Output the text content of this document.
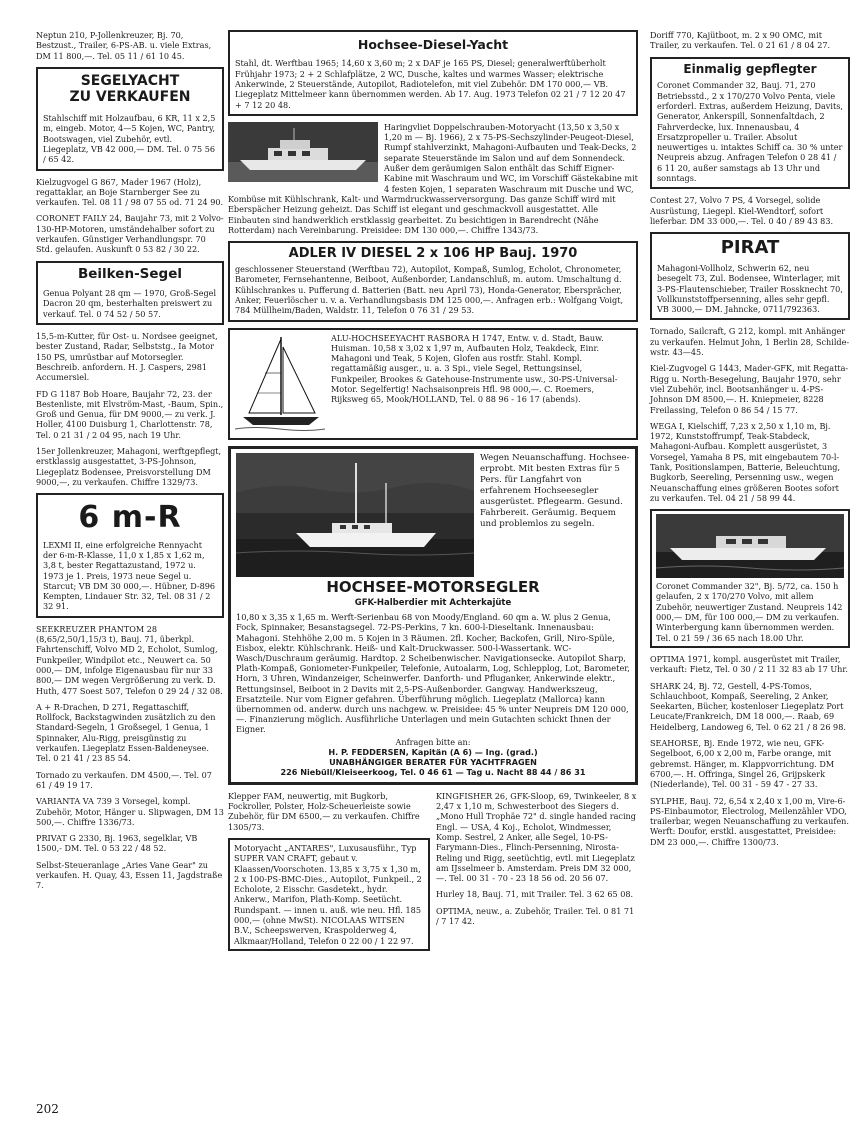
Neptun 210, P-Jollenkreuzer, Bj. 70, Bestzust., Trailer, 6-PS-AB. u. viele Extras, DM 11 800,—. Tel. 05 11 / 61 10 45.
SEGELYACHT
ZU VERKAUFEN
Stahlschiff mit Holzaufbau, 6 KR, 11 x 2,5 m, eingeb. Motor, 4—5 Kojen, WC, Pantry, Bootswagen, viel Zubehör, evtl. Liegeplatz, VB 42 000,— DM. Tel. 0 75 56 / 65 42.
Kielzugvogel G 867, Mader 1967 (Holz), regattaklar, an Boje Starnberger See zu verkaufen. Tel. 08 11 / 98 07 55 od. 71 24 90.
CORONET FAILY 24, Baujahr 73, mit 2 Volvo-130-HP-Motoren, umständehalber sofort zu verkaufen. Günstiger Verhandlungspr. 70 Std. gelaufen. Auskunft 0 53 82 / 30 22.
Beilken-Segel
Genua Polyant 28 qm — 1970, Groß-Segel Dacron 20 qm, besterhalten preiswert zu verkauf. Tel. 0 74 52 / 50 57.
15,5-m-Kutter, für Ost- u. Nordsee geeignet, bester Zustand, Radar, Selbststg., Ia Motor 150 PS, umrüstbar auf Motorsegler. Beschreib. anfordern. H. J. Caspers, 2981 Accumersiel.
FD G 1187 Bob Hoare, Baujahr 72, 23. der Bestenliste, mit Elvström-Mast, -Baum, Spin., Groß und Genua, für DM 9000,— zu verk. J. Holler, 4100 Duisburg 1, Charlottenstr. 78, Tel. 0 21 31 / 2 04 95, nach 19 Uhr.
15er Jollenkreuzer, Mahagoni, werftgepflegt, erstklassig ausgestattet, 3-PS-Johnson, Liegeplatz Bodensee, Preisvorstellung DM 9000,—, zu verkaufen. Chiffre 1329/73.
6 m-R
LEXMI II, eine erfolgreiche Rennyacht der 6-m-R-Klasse, 11,0 x 1,85 x 1,62 m, 3,8 t, bester Regattazustand, 1972 u. 1973 je 1. Preis, 1973 neue Segel u. Starcut; VB DM 30 000,—. Hübner, D-896 Kempten, Lindauer Str. 32, Tel. 08 31 / 2 32 91.
SEEKREUZER PHANTOM 28 (8,65/2,50/1,15/3 t), Bauj. 71, überkpl. Fahrtenschiff, Volvo MD 2, Echolot, Sumlog, Funkpeiler, Windpilot etc., Neuwert ca. 50 000,— DM, infolge Eigenausbau für nur 33 800,— DM wegen Vergrößerung zu verk. D. Huth, 477 Soest 507, Telefon 0 29 24 / 32 08.
A + R-Drachen, D 271, Regattaschiff, Rollfock, Backstagwinden zusätzlich zu den Standard-Segeln, 1 Großsegel, 1 Genua, 1 Spinnaker, Alu-Rigg, preisgünstig zu verkaufen. Liegeplatz Essen-Baldeneysee. Tel. 0 21 41 / 23 85 54.
Tornado zu verkaufen. DM 4500,—. Tel. 07 61 / 49 19 17.
VARIANTA VA 739 3 Vorsegel, kompl. Zubehör, Motor, Hänger u. Slipwagen, DM 13 500,—. Chiffre 1336/73.
PRIVAT G 2330, Bj. 1963, segelklar, VB 1500,- DM. Tel. 0 53 22 / 48 52.
Selbst-Steueranlage „Aries Vane Gear" zu verkaufen. H. Quay, 43, Essen 11, Jagdstraße 7.
Hochsee-Diesel-Yacht
Stahl, dt. Werftbau 1965; 14,60 x 3,60 m; 2 x DAF je 165 PS, Diesel; generalwerftüberholt Frühjahr 1973; 2 + 2 Schlafplätze, 2 WC, Dusche, kaltes und warmes Wasser; elektrische Ankerwinde, 2 Steuerstände, Autopilot, Radiotelefon, mit viel Zubehör. DM 170 000,— VB. Liegeplatz Mittelmeer kann übernommen werden. Ab 17. Aug. 1973 Telefon 02 21 / 7 12 20 47 + 7 12 20 48.
Haringvliet Doppelschrauben-Motoryacht (13,50 x 3,50 x 1,20 m — Bj. 1966), 2 x 75-PS-Sechszylinder-Peugeot-Diesel, Rumpf stahlverzinkt, Mahagoni-Aufbauten und Teak-Decks, 2 separate Steuerstände im Salon und auf dem Sonnendeck. Außer dem geräumigen Salon enthält das Schiff Eigner-Kabine mit Waschraum und WC, im Vorschiff Gästekabine mit 4 festen Kojen, 1 separaten Waschraum mit Dusche und WC, Kombüse mit Kühlschrank, Kalt- und Warmdruckwasserversorgung. Das ganze Schiff wird mit Eberspächer Heizung geheizt. Das Schiff ist elegant und geschmackvoll ausgestattet. Alle Einbauten sind handwerklich erstklassig gearbeitet. Zu besichtigen in Barendrecht (Nähe Rotterdam) nach Vereinbarung. Preisidee: DM 130 000,—. Chiffre 1343/73.
ADLER IV DIESEL 2 x 106 HP Bauj. 1970
geschlossener Steuerstand (Werftbau 72), Autopilot, Kompaß, Sumlog, Echolot, Chronometer, Barometer, Fernsehantenne, Beiboot, Außenborder, Landanschluß, m. autom. Umschaltung d. Kühlschrankes u. Pufferung d. Batterien (Batt. neu April 73), Honda-Generator, Ebersprächer, Anker, Feuerlöscher u. v. a. Verhandlungsbasis DM 125 000,—. Anfragen erb.: Wolfgang Voigt, 784 Müllheim/Baden, Waldstr. 11, Telefon 0 76 31 / 29 53.
ALU-HOCHSEEYACHT RASBORA H 1747, Entw. v. d. Stadt, Bauw. Huisman. 10,58 x 3,02 x 1,97 m, Aufbauten Holz, Teakdeck, Einr. Mahagoni und Teak, 5 Kojen, Glofen aus rostfr. Stahl. Kompl. regattamäßig ausger., u. a. 3 Spi., viele Segel, Rettungsinsel, Funkpeiler, Brookes & Gatehouse-Instrumente usw., 30-PS-Universal-Motor. Segelfertig! Nachsaisonpreis Hfl. 98 000,—. C. Roemers, Rijksweg 65, Mook/HOLLAND, Tel. 0 88 96 - 16 17 (abends).
Wegen Neuanschaffung. Hochsee-erprobt. Mit besten Extras für 5 Pers. für Langfahrt von erfahrenem Hochseesegler ausgerüstet. Pflegearm. Gesund. Fahrbereit. Geräumig. Bequem und problemlos zu segeln.
HOCHSEE-MOTORSEGLER
GFK-Halberdier mit Achterkajüte
10,80 x 3,35 x 1,65 m. Werft-Serienbau 68 von Moody/England. 60 qm a. W. plus 2 Genua, Fock, Spinnaker, Besanstagsegel. 72-PS-Perkins, 7 kn. 600-l-Dieseltank. Innenausbau: Mahagoni. Stehhöhe 2,00 m. 5 Kojen in 3 Räumen. 2fl. Kocher, Backofen, Grill, Niro-Spüle, Eisbox, elektr. Kühlschrank. Heiß- und Kalt-Druckwasser. 500-l-Wassertank. WC-Wasch/Duschraum geräumig. Hardtop. 2 Scheibenwischer. Navigationsecke. Autopilot Sharp, Plath-Kompaß, Goniometer-Funkpeiler, Telefonie, Autoalarm, Log, Schlepplog, Lot, Barometer, Horn, 3 Uhren, Windanzeiger, Scheinwerfer. Danforth- und Pfluganker, Ankerwinde elektr., Rettungsinsel, Beiboot in 2 Davits mit 2,5-PS-Außenborder. Gangway. Handwerkszeug, Ersatzteile. Nur vom Eigner gefahren. Überführung möglich. Liegeplatz (Mallorca) kann übernommen od. anderw. durch uns nachgew. w. Preisidee: 45 % unter Neupreis DM 120 000,—. Finanzierung möglich. Ausführliche Unterlagen und mein Gutachten schickt Ihnen der Eigner.
Anfragen bitte an:
H. P. FEDDERSEN, Kapitän (A 6) — Ing. (grad.)
UNABHÄNGIGER BERATER FÜR YACHTFRAGEN
226 Niebüll/Kleiseerkoog, Tel. 0 46 61 — Tag u. Nacht 88 44 / 86 31
Klepper FAM, neuwertig, mit Bugkorb, Fockroller, Polster, Holz-Scheuerleiste sowie Zubehör, für DM 6500,— zu verkaufen. Chiffre 1305/73.
Motoryacht „ANTARES", Luxusausführ., Typ SUPER VAN CRAFT, gebaut v. Klaassen/Voorschoten. 13,85 x 3,75 x 1,30 m, 2 x 100-PS-BMC-Dies., Autopilot, Funkpeil., 2 Echolote, 2 Eisschr. Gasdetekt., hydr. Ankerw., Marifon, Plath-Komp. Seetücht. Rundspant. — innen u. auß. wie neu. Hfl. 185 000,— (ohne MwSt). NICOLAAS WITSEN B.V., Scheepswerven, Kraspolderweg 4, Alkmaar/Holland, Telefon 0 22 00 / 1 22 97.
KINGFISHER 26, GFK-Sloop, 69, Twinkeeler, 8 x 2,47 x 1,10 m, Schwesterboot des Siegers d. „Mono Hull Trophäe 72" d. single handed racing Engl. — USA, 4 Koj., Echolot, Windmesser, Komp. Sestrel, 2 Anker, alle Segel, 10-PS-Farymann-Dies., Flinch-Persenning, Nirosta-Reling und Rigg, seetüchtig, evtl. mit Liegeplatz am IJsselmeer b. Amsterdam. Preis DM 32 000,—. Tel. 00 31 - 70 - 23 18 56 od. 20 56 07.
Hurley 18, Bauj. 71, mit Trailer. Tel. 3 62 65 08.
OPTIMA, neuw., a. Zubehör, Trailer. Tel. 0 81 71 / 7 17 42.
Doriff 770, Kajütboot, m. 2 x 90 OMC, mit Trailer, zu verkaufen. Tel. 0 21 61 / 8 04 27.
Einmalig gepflegter
Coronet Commander 32, Bauj. 71, 270 Betriebsstd., 2 x 170/270 Volvo Penta, viele erforderl. Extras, außerdem Heizung, Davits, Generator, Ankerspill, Sonnenfaltdach, 2 Fahrverdecke, lux. Innenausbau, 4 Ersatzpropeller u. Trailer. Absolut neuwertiges u. intaktes Schiff ca. 30 % unter Neupreis abzug. Anfragen Telefon 0 28 41 / 6 11 20, außer samstags ab 13 Uhr und sonntags.
Contest 27, Volvo 7 PS, 4 Vorsegel, solide Ausrüstung, Liegepl. Kiel-Wendtorf, sofort lieferbar. DM 33 000,—. Tel. 0 40 / 89 43 83.
PIRAT
Mahagoni-Vollholz, Schwerin 62, neu besegelt 73, Zul. Bodensee, Winterlager, mit 3-PS-Flautenschieber, Trailer Rossknecht 70, Vollkunststoffpersenning, alles sehr gepfl. VB 3000,— DM. Jahncke, 0711/792363.
Tornado, Sailcraft, G 212, kompl. mit Anhänger zu verkaufen. Helmut John, 1 Berlin 28, Schilde-wstr. 43—45.
Kiel-Zugvogel G 1443, Mader-GFK, mit Regatta-Rigg u. North-Besegelung, Baujahr 1970, sehr viel Zubehör, incl. Bootsanhänger u. 4-PS-Johnson DM 8500,—. H. Kniepmeier, 8228 Freilassing, Telefon 0 86 54 / 15 77.
WEGA I, Kielschiff, 7,23 x 2,50 x 1,10 m, Bj. 1972, Kunststoffrumpf, Teak-Stabdeck, Mahagoni-Aufbau. Komplett ausgerüstet, 3 Vorsegel, Yamaha 8 PS, mit eingebautem 70-l-Tank, Positionslampen, Batterie, Beleuchtung, Bugkorb, Seereling, Persenning usw., wegen Neuanschaffung eines größeren Bootes sofort zu verkaufen. Tel. 04 21 / 58 99 44.
Coronet Commander 32", Bj. 5/72, ca. 150 h gelaufen, 2 x 170/270 Volvo, mit allem Zubehör, neuwertiger Zustand. Neupreis 142 000,— DM, für 100 000,— DM zu verkaufen. Winterbergung kann übernommen werden. Tel. 0 21 59 / 36 65 nach 18.00 Uhr.
OPTIMA 1971, kompl. ausgerüstet mit Trailer, verkauft: Fietz, Tel. 0 30 / 2 11 32 83 ab 17 Uhr.
SHARK 24, Bj. 72, Gestell, 4-PS-Tomos, Schlauchboot, Kompaß, Seereling, 2 Anker, Seekarten, Bücher, kostenloser Liegeplatz Port Leucate/Frankreich, DM 18 000,—. Raab, 69 Heidelberg, Landoweg 6, Tel. 0 62 21 / 8 26 98.
SEAHORSE, Bj. Ende 1972, wie neu, GFK-Segelboot, 6,00 x 2,00 m, Farbe orange, mit gebremst. Hänger, m. Klappvorrichtung. DM 6700,—. H. Offringa, Singel 26, Grijpskerk (Niederlande), Tel. 00 31 - 59 47 - 27 33.
SYLPHE, Bauj. 72, 6,54 x 2,40 x 1,00 m, Vire-6-PS-Einbaumotor, Electrolog, Meilenzähler VDO, trailerbar, wegen Neuanschaffung zu verkaufen. Werft: Doufor, erstkl. ausgestattet, Preisidee: DM 23 000,—. Chiffre 1300/73.
202
